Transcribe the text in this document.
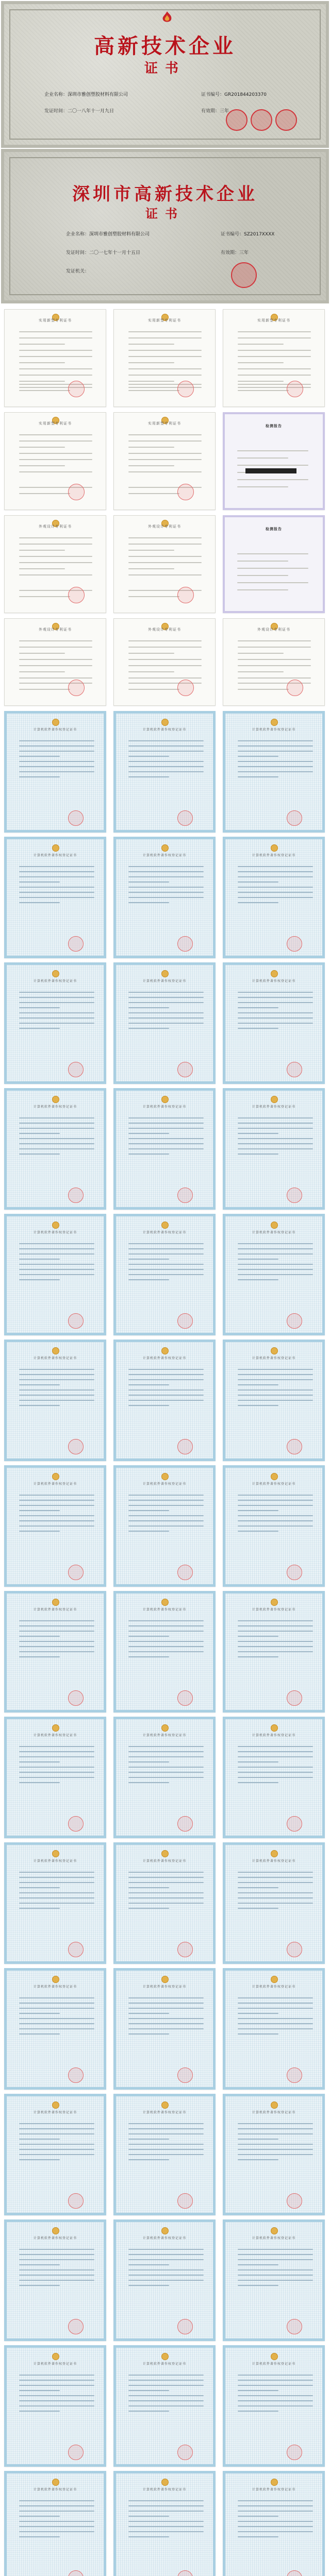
高新技术企业
证书
企业名称：深圳市雅创塑胶材料有限公司
发证时间：二〇一八年十一月九日
证书编号：GR201844203370
有效期：三年
深圳市高新技术企业
证书
企业名称：深圳市雅创塑胶材料有限公司	证书编号：SZ2017XXXX
发证时间：二〇一七年十一月十五日	有效期：三年
发证机关：
实用新型专利证书	实用新型专利证书	实用新型专利证书
实用新型专利证书	实用新型专利证书
检测报告
外观设计专利证书	外观设计专利证书
检测报告
外观设计专利证书	外观设计专利证书	外观设计专利证书
计算机软件著作权登记证书	计算机软件著作权登记证书	计算机软件著作权登记证书
计算机软件著作权登记证书	计算机软件著作权登记证书	计算机软件著作权登记证书
计算机软件著作权登记证书	计算机软件著作权登记证书	计算机软件著作权登记证书
计算机软件著作权登记证书	计算机软件著作权登记证书	计算机软件著作权登记证书
计算机软件著作权登记证书	计算机软件著作权登记证书	计算机软件著作权登记证书
计算机软件著作权登记证书	计算机软件著作权登记证书	计算机软件著作权登记证书
计算机软件著作权登记证书	计算机软件著作权登记证书	计算机软件著作权登记证书
计算机软件著作权登记证书	计算机软件著作权登记证书	计算机软件著作权登记证书
计算机软件著作权登记证书	计算机软件著作权登记证书	计算机软件著作权登记证书
计算机软件著作权登记证书	计算机软件著作权登记证书	计算机软件著作权登记证书
计算机软件著作权登记证书	计算机软件著作权登记证书	计算机软件著作权登记证书
计算机软件著作权登记证书	计算机软件著作权登记证书	计算机软件著作权登记证书
计算机软件著作权登记证书	计算机软件著作权登记证书	计算机软件著作权登记证书
计算机软件著作权登记证书	计算机软件著作权登记证书	计算机软件著作权登记证书
计算机软件著作权登记证书	计算机软件著作权登记证书	计算机软件著作权登记证书
